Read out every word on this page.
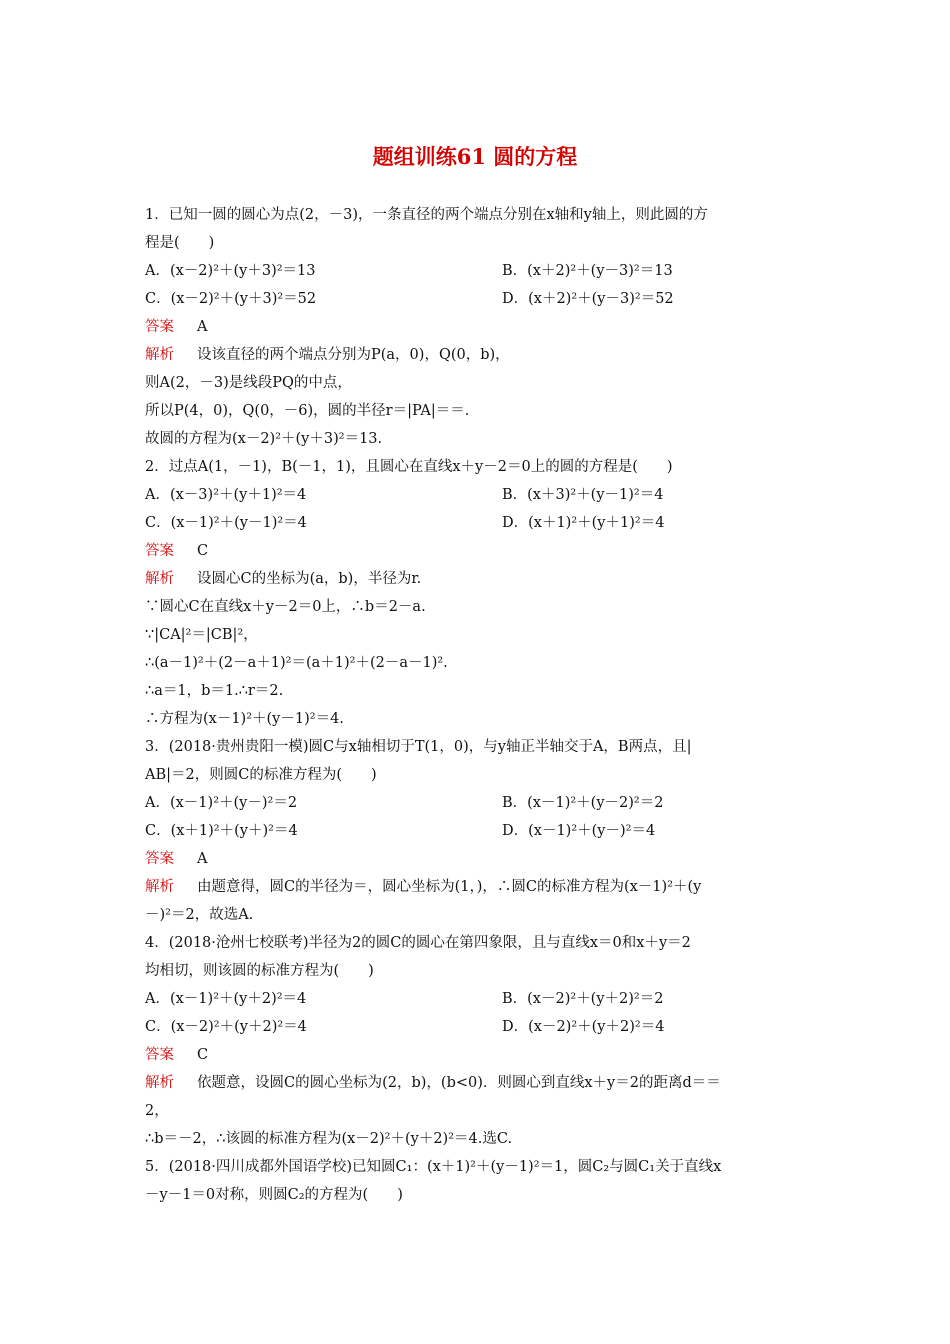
题组训练61 圆的方程
1．已知一圆的圆心为点(2，－3)，一条直径的两个端点分别在x轴和y轴上，则此圆的方
程是(　　)
A．(x－2)²＋(y＋3)²＝13	B．(x＋2)²＋(y－3)²＝13
C．(x－2)²＋(y＋3)²＝52	D．(x＋2)²＋(y－3)²＝52
答案 A
解析 设该直径的两个端点分别为P(a，0)，Q(0，b)，
则A(2，－3)是线段PQ的中点，
所以P(4，0)，Q(0，－6)，圆的半径r＝|PA|＝＝.
故圆的方程为(x－2)²＋(y＋3)²＝13.
2．过点A(1，－1)，B(－1，1)，且圆心在直线x＋y－2＝0上的圆的方程是(　　)
A．(x－3)²＋(y＋1)²＝4	B．(x＋3)²＋(y－1)²＝4
C．(x－1)²＋(y－1)²＝4	D．(x＋1)²＋(y＋1)²＝4
答案 C
解析 设圆心C的坐标为(a，b)，半径为r.
∵圆心C在直线x＋y－2＝0上，∴b＝2－a.
∵|CA|²＝|CB|²，
∴(a－1)²＋(2－a＋1)²＝(a＋1)²＋(2－a－1)².
∴a＝1，b＝1.∴r＝2.
∴方程为(x－1)²＋(y－1)²＝4.
3．(2018·贵州贵阳一模)圆C与x轴相切于T(1，0)，与y轴正半轴交于A，B两点，且|
AB|＝2，则圆C的标准方程为(　　)
A．(x－1)²＋(y－)²＝2	B．(x－1)²＋(y－2)²＝2
C．(x＋1)²＋(y＋)²＝4	D．(x－1)²＋(y－)²＝4
答案 A
解析 由题意得，圆C的半径为＝，圆心坐标为(1，)，∴圆C的标准方程为(x－1)²＋(y
－)²＝2，故选A.
4．(2018·沧州七校联考)半径为2的圆C的圆心在第四象限，且与直线x＝0和x＋y＝2
均相切，则该圆的标准方程为(　　)
A．(x－1)²＋(y＋2)²＝4	B．(x－2)²＋(y＋2)²＝2
C．(x－2)²＋(y＋2)²＝4	D．(x－2)²＋(y＋2)²＝4
答案 C
解析 依题意，设圆C的圆心坐标为(2，b)，(b<0)．则圆心到直线x＋y＝2的距离d＝＝
2，
∴b＝－2，∴该圆的标准方程为(x－2)²＋(y＋2)²＝4.选C.
5．(2018·四川成都外国语学校)已知圆C₁：(x＋1)²＋(y－1)²＝1，圆C₂与圆C₁关于直线x
－y－1＝0对称，则圆C₂的方程为(　　)
